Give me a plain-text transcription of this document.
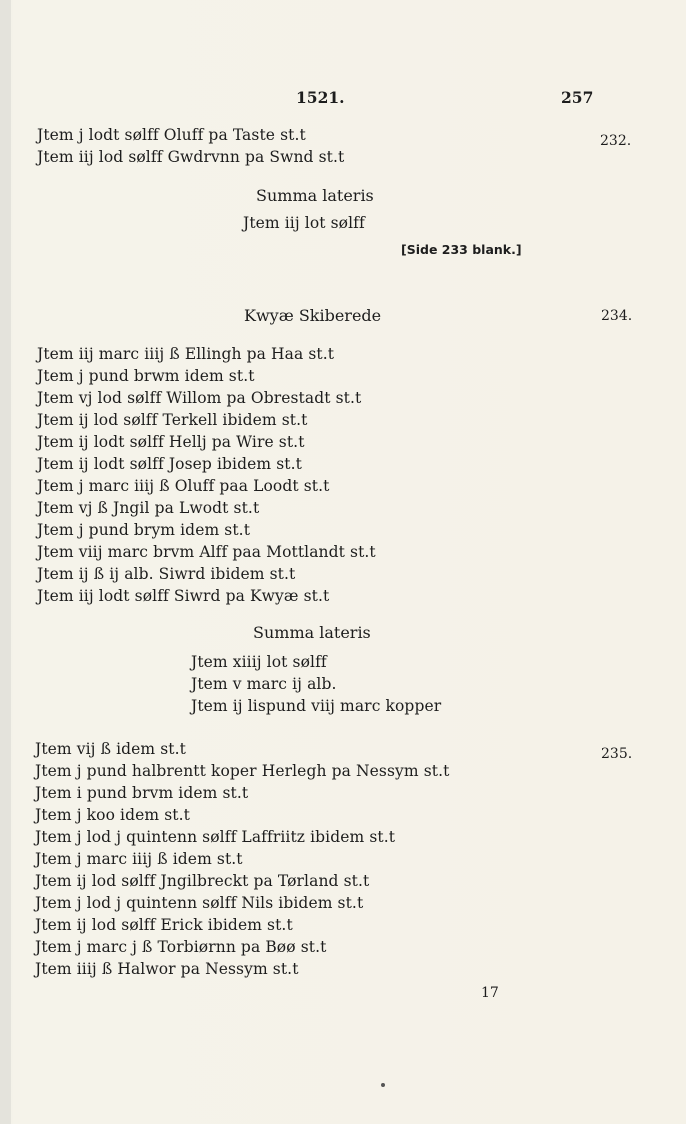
1521.	257
Jtem j lodt sølff Oluff pa Taste st.t
Jtem iij lod sølff Gwdrvnn pa Swnd st.t
232.
Summa lateris
Jtem iij lot sølff
[Side 233 blank.]
Kwyæ Skiberede	234.
Jtem iij marc iiij ß Ellingh pa Haa st.t
Jtem j pund brwm idem st.t
Jtem vj lod sølff Willom pa Obrestadt st.t
Jtem ij lod sølff Terkell ibidem st.t
Jtem ij lodt sølff Hellj pa Wire st.t
Jtem ij lodt sølff Josep ibidem st.t
Jtem j marc iiij ß Oluff paa Loodt st.t
Jtem vj ß Jngil pa Lwodt st.t
Jtem j pund brym idem st.t
Jtem viij marc brvm Alff paa Mottlandt st.t
Jtem ij ß ij alb. Siwrd ibidem st.t
Jtem iij lodt sølff Siwrd pa Kwyæ st.t
Summa lateris
Jtem xiiij lot sølff
Jtem v marc ij alb.
Jtem ij lispund viij marc kopper
235.
Jtem vij ß idem st.t
Jtem j pund halbrentt koper Herlegh pa Nessym st.t
Jtem i pund brvm idem st.t
Jtem j koo idem st.t
Jtem j lod j quintenn sølff Laffriitz ibidem st.t
Jtem j marc iiij ß idem st.t
Jtem ij lod sølff Jngilbreckt pa Tørland st.t
Jtem j lod j quintenn sølff Nils ibidem st.t
Jtem ij lod sølff Erick ibidem st.t
Jtem j marc j ß Torbiørnn pa Bøø st.t
Jtem iiij ß Halwor pa Nessym st.t
17
